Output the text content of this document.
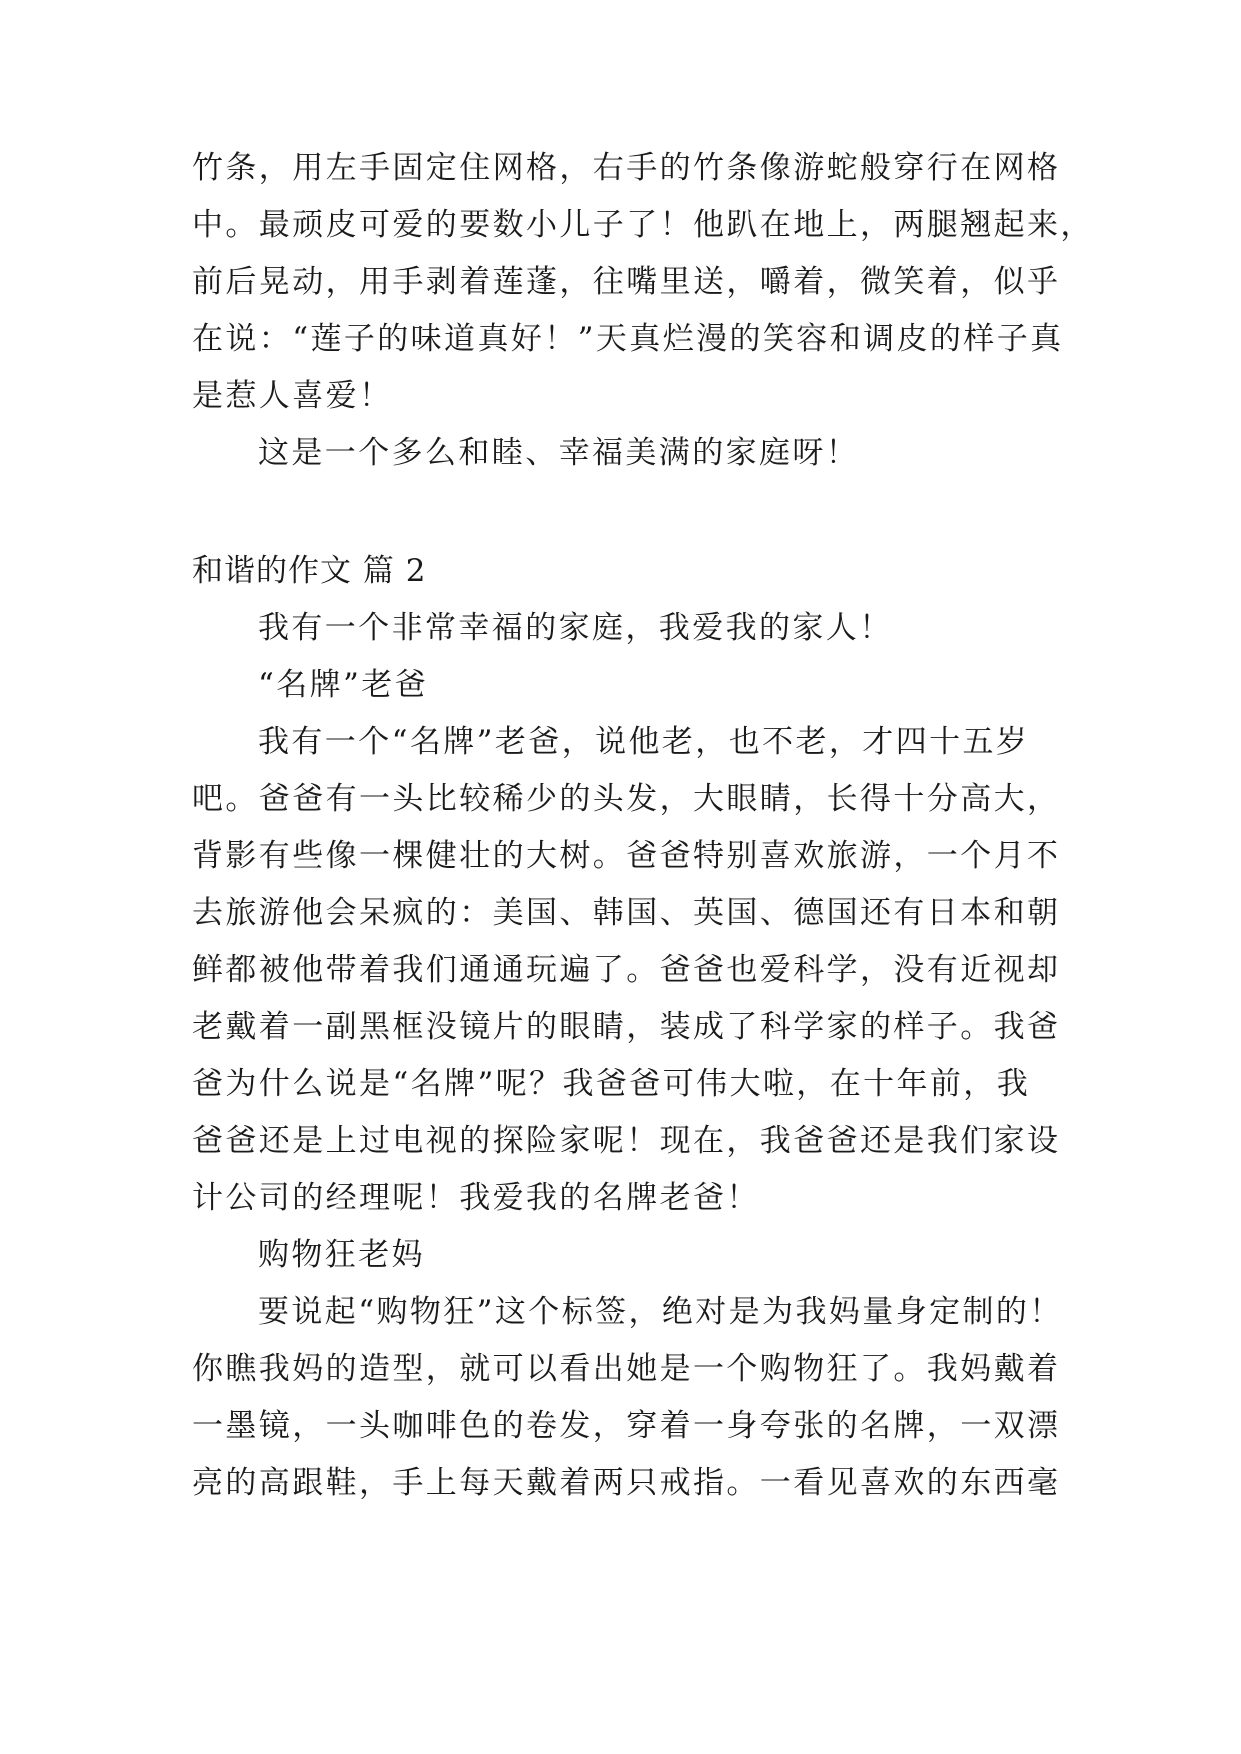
竹条，用左手固定住网格，右手的竹条像游蛇般穿行在网格
中。最顽皮可爱的要数小儿子了！他趴在地上，两腿翘起来，
前后晃动，用手剥着莲蓬，往嘴里送，嚼着，微笑着，似乎
在说：“莲子的味道真好！”天真烂漫的笑容和调皮的样子真
是惹人喜爱！
这是一个多么和睦、幸福美满的家庭呀！
和谐的作文 篇 2
我有一个非常幸福的家庭，我爱我的家人！
“名牌”老爸
我有一个“名牌”老爸，说他老，也不老，才四十五岁
吧。爸爸有一头比较稀少的头发，大眼睛，长得十分高大，
背影有些像一棵健壮的大树。爸爸特别喜欢旅游，一个月不
去旅游他会呆疯的：美国、韩国、英国、德国还有日本和朝
鲜都被他带着我们通通玩遍了。爸爸也爱科学，没有近视却
老戴着一副黑框没镜片的眼睛，装成了科学家的样子。我爸
爸为什么说是“名牌”呢？我爸爸可伟大啦，在十年前，我
爸爸还是上过电视的探险家呢！现在，我爸爸还是我们家设
计公司的经理呢！我爱我的名牌老爸！
购物狂老妈
要说起“购物狂”这个标签，绝对是为我妈量身定制的！
你瞧我妈的造型，就可以看出她是一个购物狂了。我妈戴着
一墨镜，一头咖啡色的卷发，穿着一身夸张的名牌，一双漂
亮的高跟鞋，手上每天戴着两只戒指。一看见喜欢的东西毫
